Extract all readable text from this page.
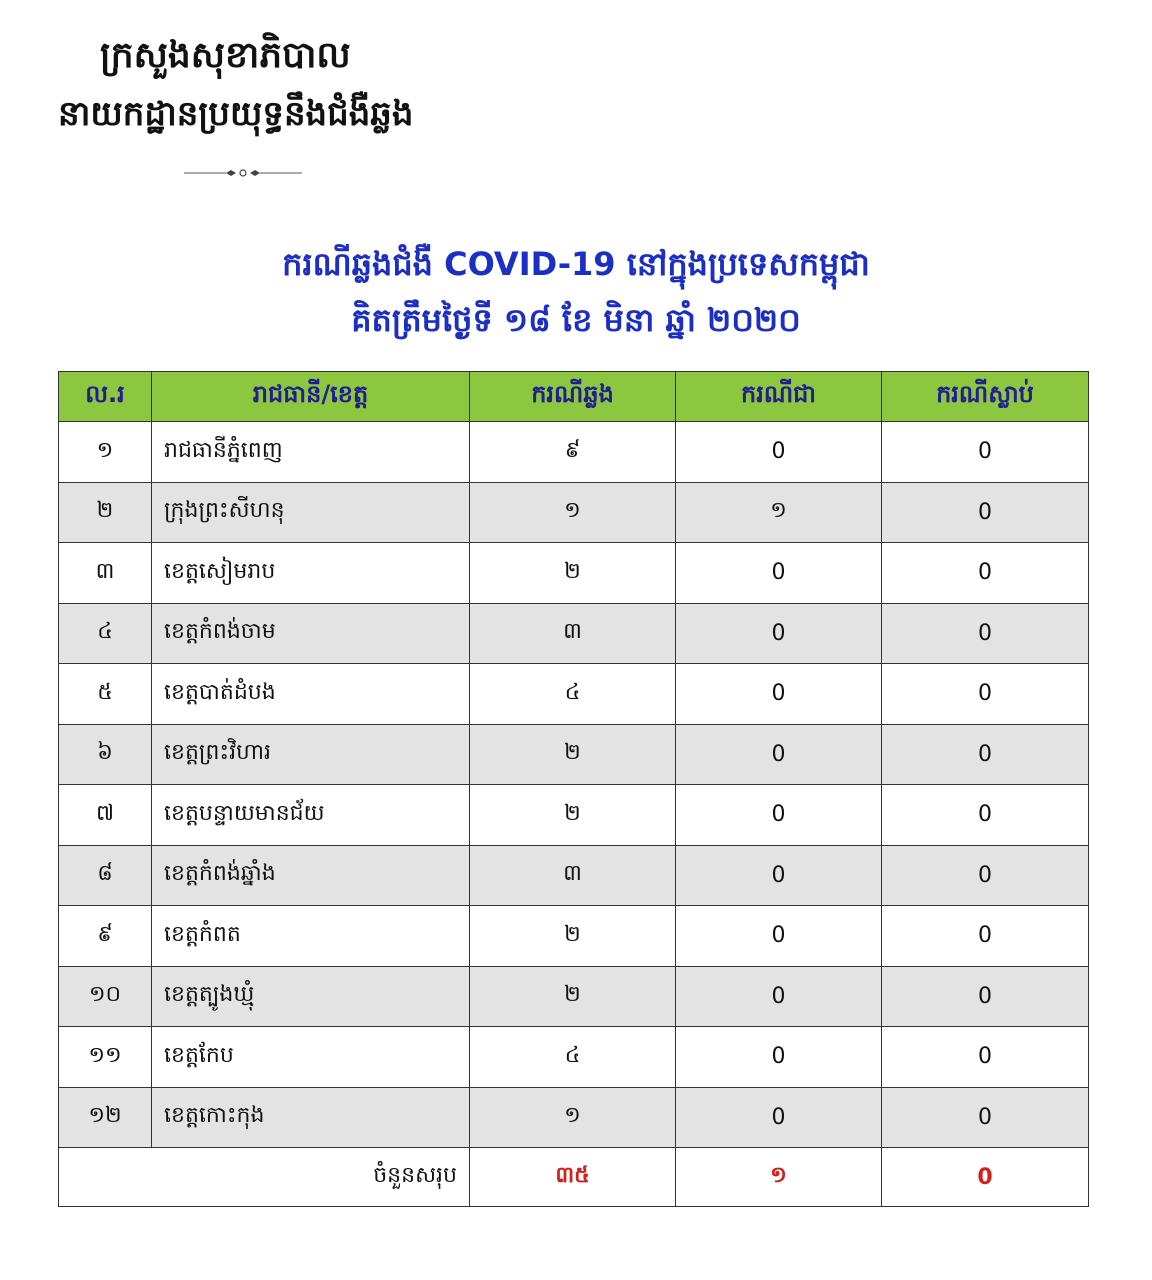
ក្រសួងសុខាភិបាល
នាយកដ្ឋានប្រយុទ្ធនឹងជំងឺឆ្លង
ករណីឆ្លងជំងឺ COVID-19 នៅក្នុងប្រទេសកម្ពុជា
គិតត្រឹមថ្ងៃទី ១៨ ខែ មិនា ឆ្នាំ ២០២០
ល.រ	រាជធានី/ខេត្ត	ករណីឆ្លង	ករណីជា	ករណីស្លាប់
១	រាជធានីភ្នំពេញ	៩	0	0
២	ក្រុងព្រះសីហនុ	១	១	0
៣	ខេត្តសៀមរាប	២	0	0
៤	ខេត្តកំពង់ចាម	៣	0	0
៥	ខេត្តបាត់ដំបង	៤	0	0
៦	ខេត្តព្រះវិហារ	២	0	0
៧	ខេត្តបន្ទាយមានជ័យ	២	0	0
៨	ខេត្តកំពង់ឆ្នាំង	៣	0	0
៩	ខេត្តកំពត	២	0	0
១០	ខេត្តត្បូងឃ្មុំ	២	0	0
១១	ខេត្តកែប	៤	0	0
១២	ខេត្តកោះកុង	១	0	0
ចំនួនសរុប		៣៥	១	0
